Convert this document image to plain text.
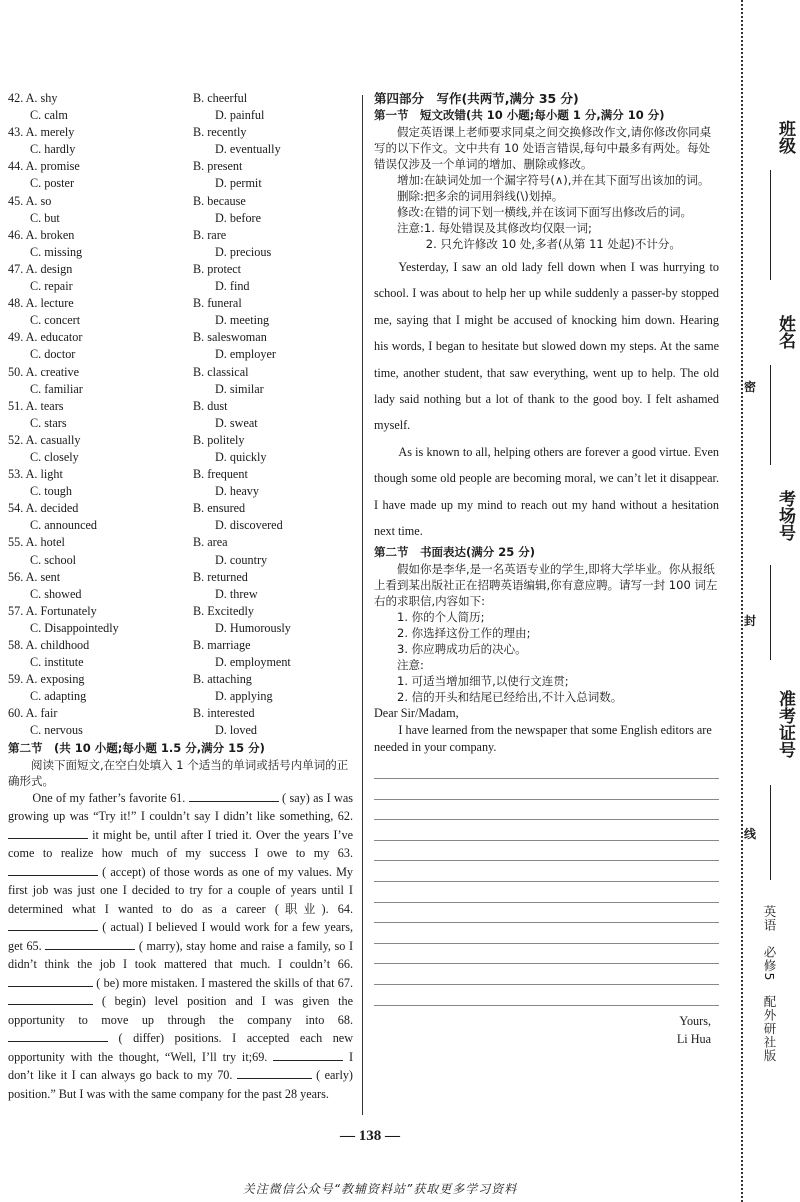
42. A. shy	B. cheerful
C. calm	D. painful
43. A. merely	B. recently
C. hardly	D. eventually
44. A. promise	B. present
C. poster	D. permit
45. A. so	B. because
C. but	D. before
46. A. broken	B. rare
C. missing	D. precious
47. A. design	B. protect
C. repair	D. find
48. A. lecture	B. funeral
C. concert	D. meeting
49. A. educator	B. saleswoman
C. doctor	D. employer
50. A. creative	B. classical
C. familiar	D. similar
51. A. tears	B. dust
C. stars	D. sweat
52. A. casually	B. politely
C. closely	D. quickly
53. A. light	B. frequent
C. tough	D. heavy
54. A. decided	B. ensured
C. announced	D. discovered
55. A. hotel	B. area
C. school	D. country
56. A. sent	B. returned
C. showed	D. threw
57. A. Fortunately	B. Excitedly
C. Disappointedly	D. Humorously
58. A. childhood	B. marriage
C. institute	D. employment
59. A. exposing	B. attaching
C. adapting	D. applying
60. A. fair	B. interested
C. nervous	D. loved
第二节　(共 10 小题;每小题 1.5 分,满分 15 分)
阅读下面短文,在空白处填入 1 个适当的单词或括号内单词的正确形式。
One of my father’s favorite 61.	( say) as I was growing up was “Try it!” I couldn’t say I didn’t like something, 62.  it might be, until after I tried it. Over the years I’ve come to realize how much of my success I owe to my 63.  ( accept) of those words as one of my values. My first job was just one I decided to try for a couple of years until I determined what I wanted to do as a career (职业). 64.  ( actual) I believed I would work for a few years, get 65.	( marry), stay home and raise a family, so I didn’t think the job I took mattered that much. I couldn’t 66.  ( be) more mistaken. I mastered the skills of that 67.  ( begin) level position and I was given the opportunity to move up through the company into 68.  ( differ) positions. I accepted each new opportunity with the thought, “Well, I’ll try it;69.	I don’t like it I can always go back to my 70.	( early) position.” But I was with the same company for the past 28 years.
第四部分　写作(共两节,满分 35 分)
第一节　短文改错(共 10 小题;每小题 1 分,满分 10 分)
假定英语课上老师要求同桌之间交换修改作文,请你修改你同桌写的以下作文。文中共有 10 处语言错误,每句中最多有两处。每处错误仅涉及一个单词的增加、删除或修改。
增加:在缺词处加一个漏字符号(∧),并在其下面写出该加的词。
删除:把多余的词用斜线(\)划掉。
修改:在错的词下划一横线,并在该词下面写出修改后的词。
注意:1. 每处错误及其修改均仅限一词;
2. 只允许修改 10 处,多者(从第 11 处起)不计分。

Yesterday, I saw an old lady fell down when I was hurrying to school. I was about to help her up while suddenly a passer-by stopped me, saying that I might be accused of knocking him down. Hearing his words, I began to hesitate but slowed down my steps. At the same time, another student, that saw everything, went up to help. The old lady said nothing but a lot of thank to the good boy. I felt ashamed myself.

As is known to all, helping others are forever a good virtue. Even though some old people are becoming moral, we can’t let it disappear. I have made up my mind to reach out my hand without a hesitation next time.

第二节　书面表达(满分 25 分)
假如你是李华,是一名英语专业的学生,即将大学毕业。你从报纸上看到某出版社正在招聘英语编辑,你有意应聘。请写一封 100 词左右的求职信,内容如下:
1. 你的个人简历;
2. 你选择这份工作的理由;
3. 你应聘成功后的决心。
注意:
1. 可适当增加细节,以使行文连贯;
2. 信的开头和结尾已经给出,不计入总词数。
Dear Sir/Madam,
I have learned from the newspaper that some English editors are needed in your company.
Yours,
Li Hua
— 138 —
关注微信公众号“教辅资料站”获取更多学习资料
班级
姓名
考场号
准考证号
密
封
线
英语　必修5　配外研社版
